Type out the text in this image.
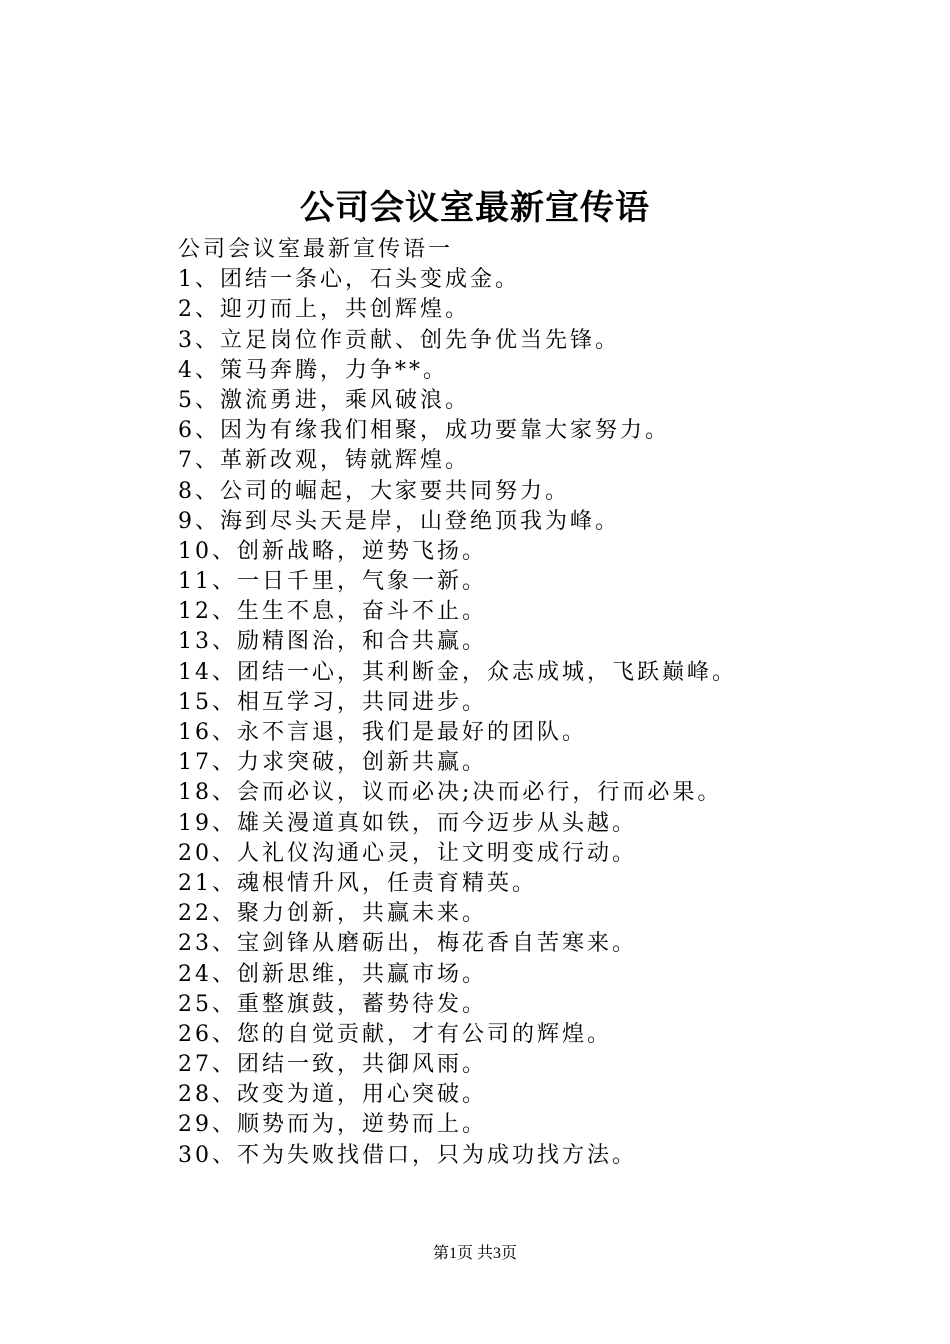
公司会议室最新宣传语
公司会议室最新宣传语一
1、团结一条心，石头变成金。
2、迎刃而上，共创辉煌。
3、立足岗位作贡献、创先争优当先锋。
4、策马奔腾，力争**。
5、激流勇进，乘风破浪。
6、因为有缘我们相聚，成功要靠大家努力。
7、革新改观，铸就辉煌。
8、公司的崛起，大家要共同努力。
9、海到尽头天是岸，山登绝顶我为峰。
10、创新战略，逆势飞扬。
11、一日千里，气象一新。
12、生生不息，奋斗不止。
13、励精图治，和合共赢。
14、团结一心，其利断金，众志成城，飞跃巅峰。
15、相互学习，共同进步。
16、永不言退，我们是最好的团队。
17、力求突破，创新共赢。
18、会而必议，议而必决;决而必行，行而必果。
19、雄关漫道真如铁，而今迈步从头越。
20、人礼仪沟通心灵，让文明变成行动。
21、魂根情升风，任责育精英。
22、聚力创新，共赢未来。
23、宝剑锋从磨砺出，梅花香自苦寒来。
24、创新思维，共赢市场。
25、重整旗鼓，蓄势待发。
26、您的自觉贡献，才有公司的辉煌。
27、团结一致，共御风雨。
28、改变为道，用心突破。
29、顺势而为，逆势而上。
30、不为失败找借口，只为成功找方法。
第1页 共3页
